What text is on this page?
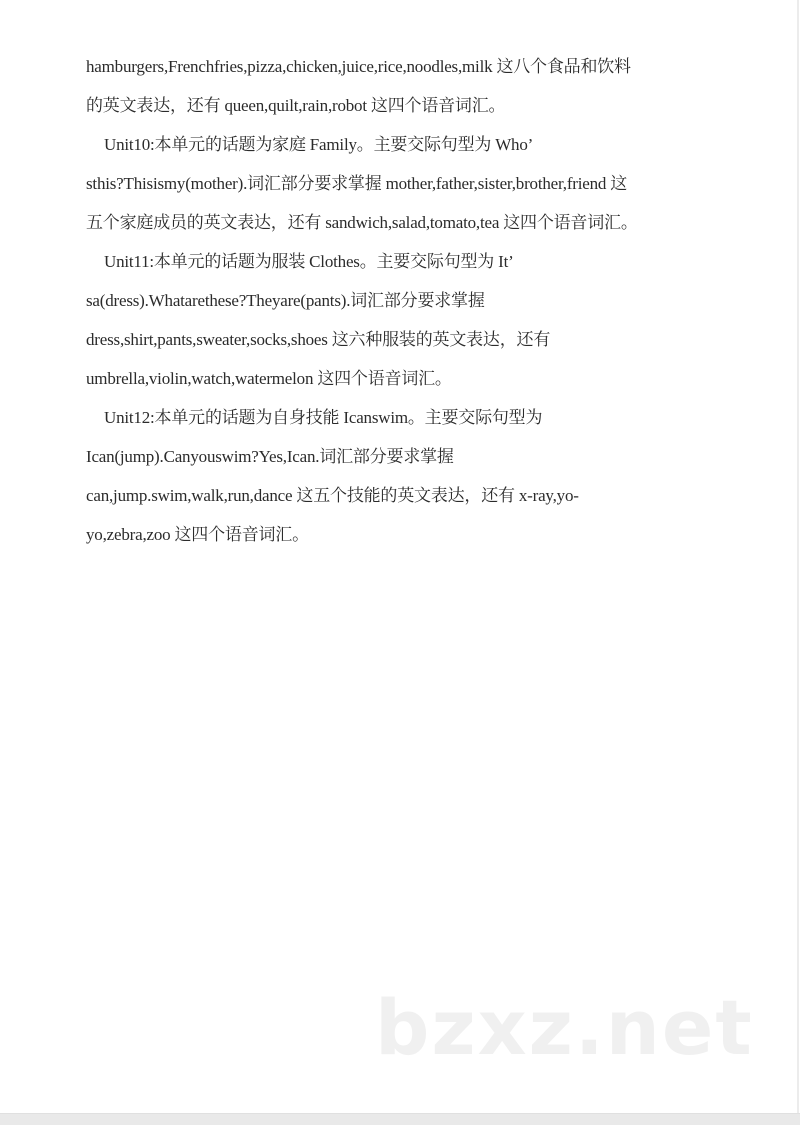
hamburgers,Frenchfries,pizza,chicken,juice,rice,noodles,milk 这八个食品和饮料
的英文表达，还有 queen,quilt,rain,robot 这四个语音词汇。
Unit10:本单元的话题为家庭 Family。主要交际句型为 Who’
sthis?Thisismy(mother).词汇部分要求掌握 mother,father,sister,brother,friend 这
五个家庭成员的英文表达，还有 sandwich,salad,tomato,tea 这四个语音词汇。
Unit11:本单元的话题为服装 Clothes。主要交际句型为 It’
sa(dress).Whatarethese?Theyare(pants).词汇部分要求掌握
dress,shirt,pants,sweater,socks,shoes 这六种服装的英文表达，还有
umbrella,violin,watch,watermelon 这四个语音词汇。
Unit12:本单元的话题为自身技能 Icanswim。主要交际句型为
Ican(jump).Canyouswim?Yes,Ican.词汇部分要求掌握
can,jump.swim,walk,run,dance 这五个技能的英文表达，还有 x-ray,yo-
yo,zebra,zoo 这四个语音词汇。
bzxz.net
